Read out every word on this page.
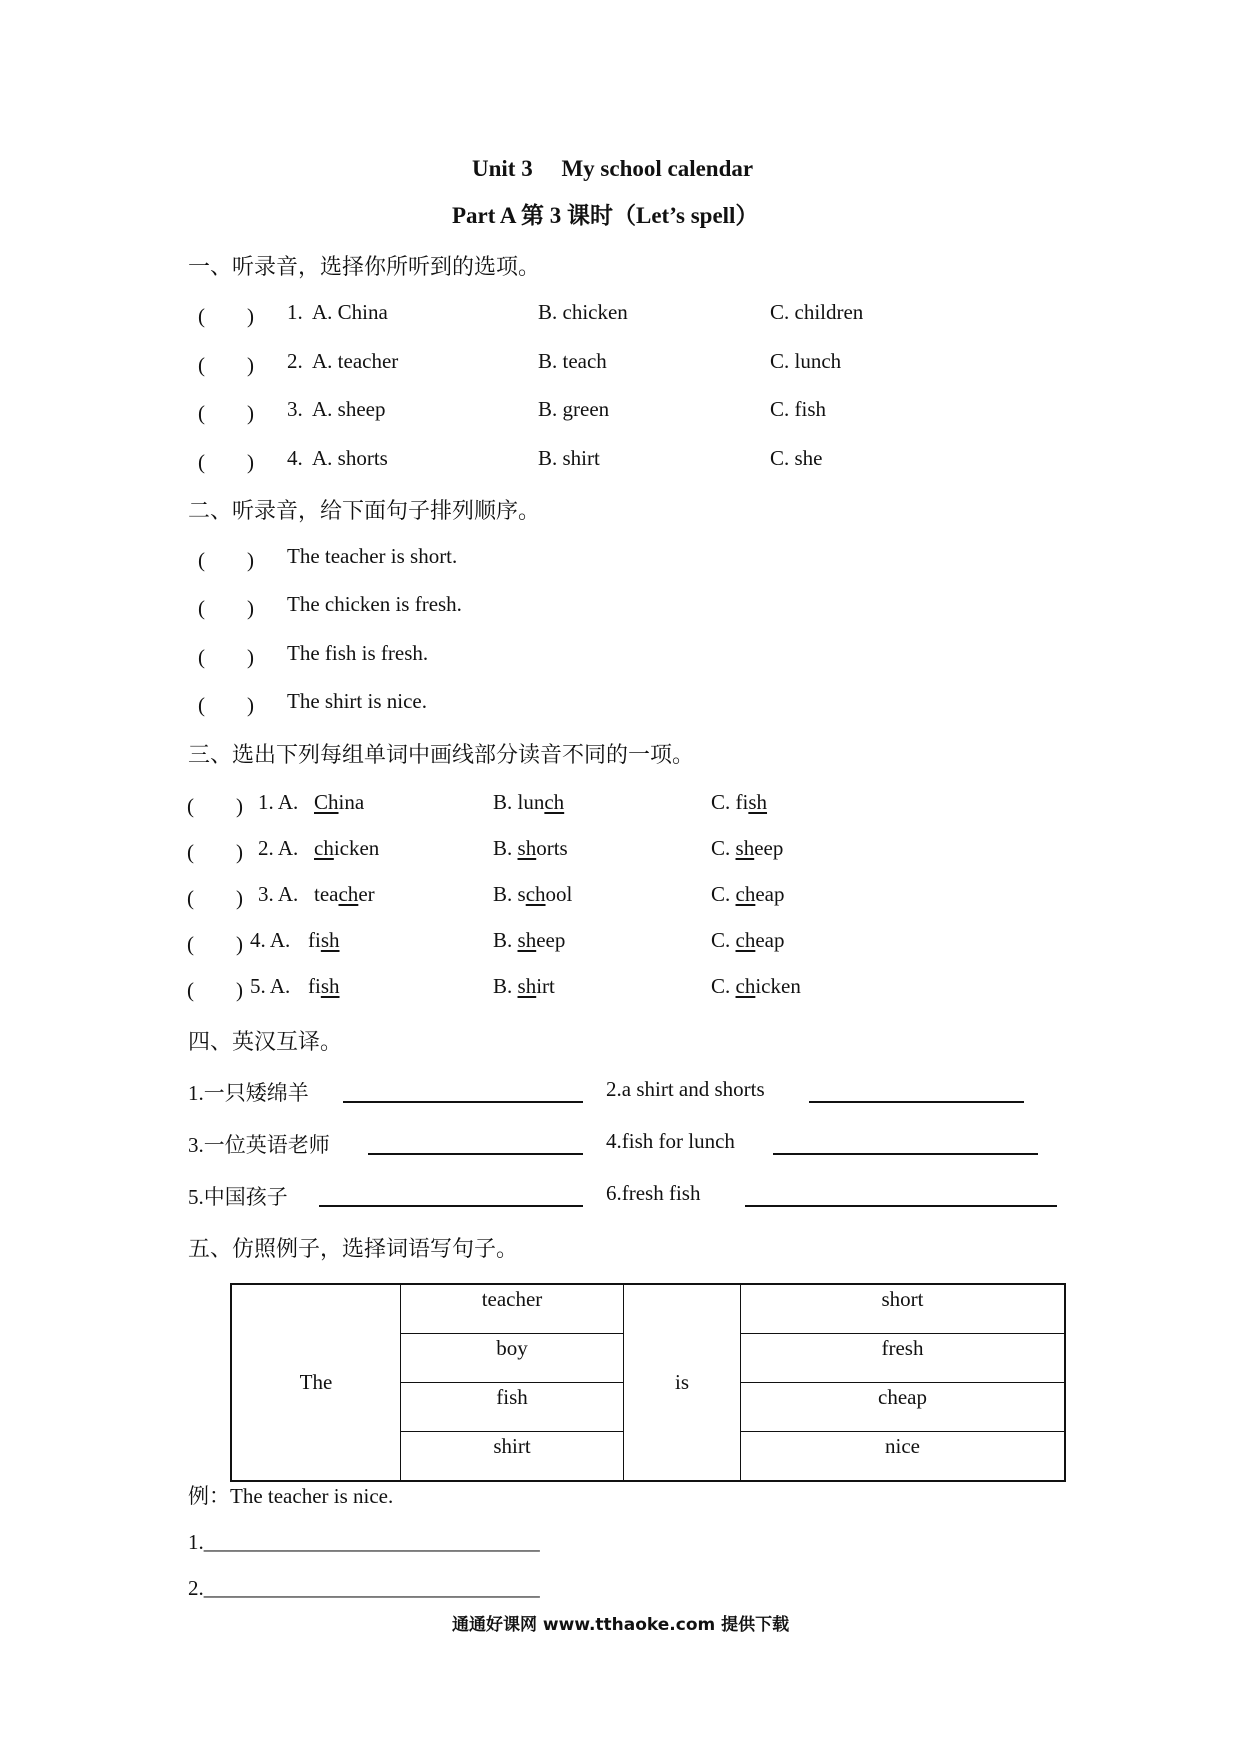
Unit 3　 My school calendar
Part A 第 3 课时（Let’s spell）
一、听录音，选择你所听到的选项。
(　　) 1. A. China	B. chicken	C. children
(　　) 2. A. teacher	B. teach	C. lunch
(　　) 3. A. sheep	B. green	C. fish
(　　) 4. A. shorts	B. shirt	C. she
二、听录音，给下面句子排列顺序。
(　　) The teacher is short.
(　　) The chicken is fresh.
(　　) The fish is fresh.
(　　) The shirt is nice.
三、选出下列每组单词中画线部分读音不同的一项。
(　　) 1. A. China	B. lunch	C. fish
(　　) 2. A. chicken	B. shorts	C. sheep
(　　) 3. A. teacher	B. school	C. cheap
(　　) 4. A. fish	B. sheep	C. cheap
(　　) 5. A. fish	B. shirt	C. chicken
四、英汉互译。
1.一只矮绵羊	2.a shirt and shorts
3.一位英语老师	4.fish for lunch
5.中国孩子	6.fresh fish
五、仿照例子，选择词语写句子。
The	teacher	is	short
	boy		fresh
	fish		cheap
	shirt		nice
例：The teacher is nice.
1.________________________________
2.________________________________
通通好课网 www.tthaoke.com 提供下载
